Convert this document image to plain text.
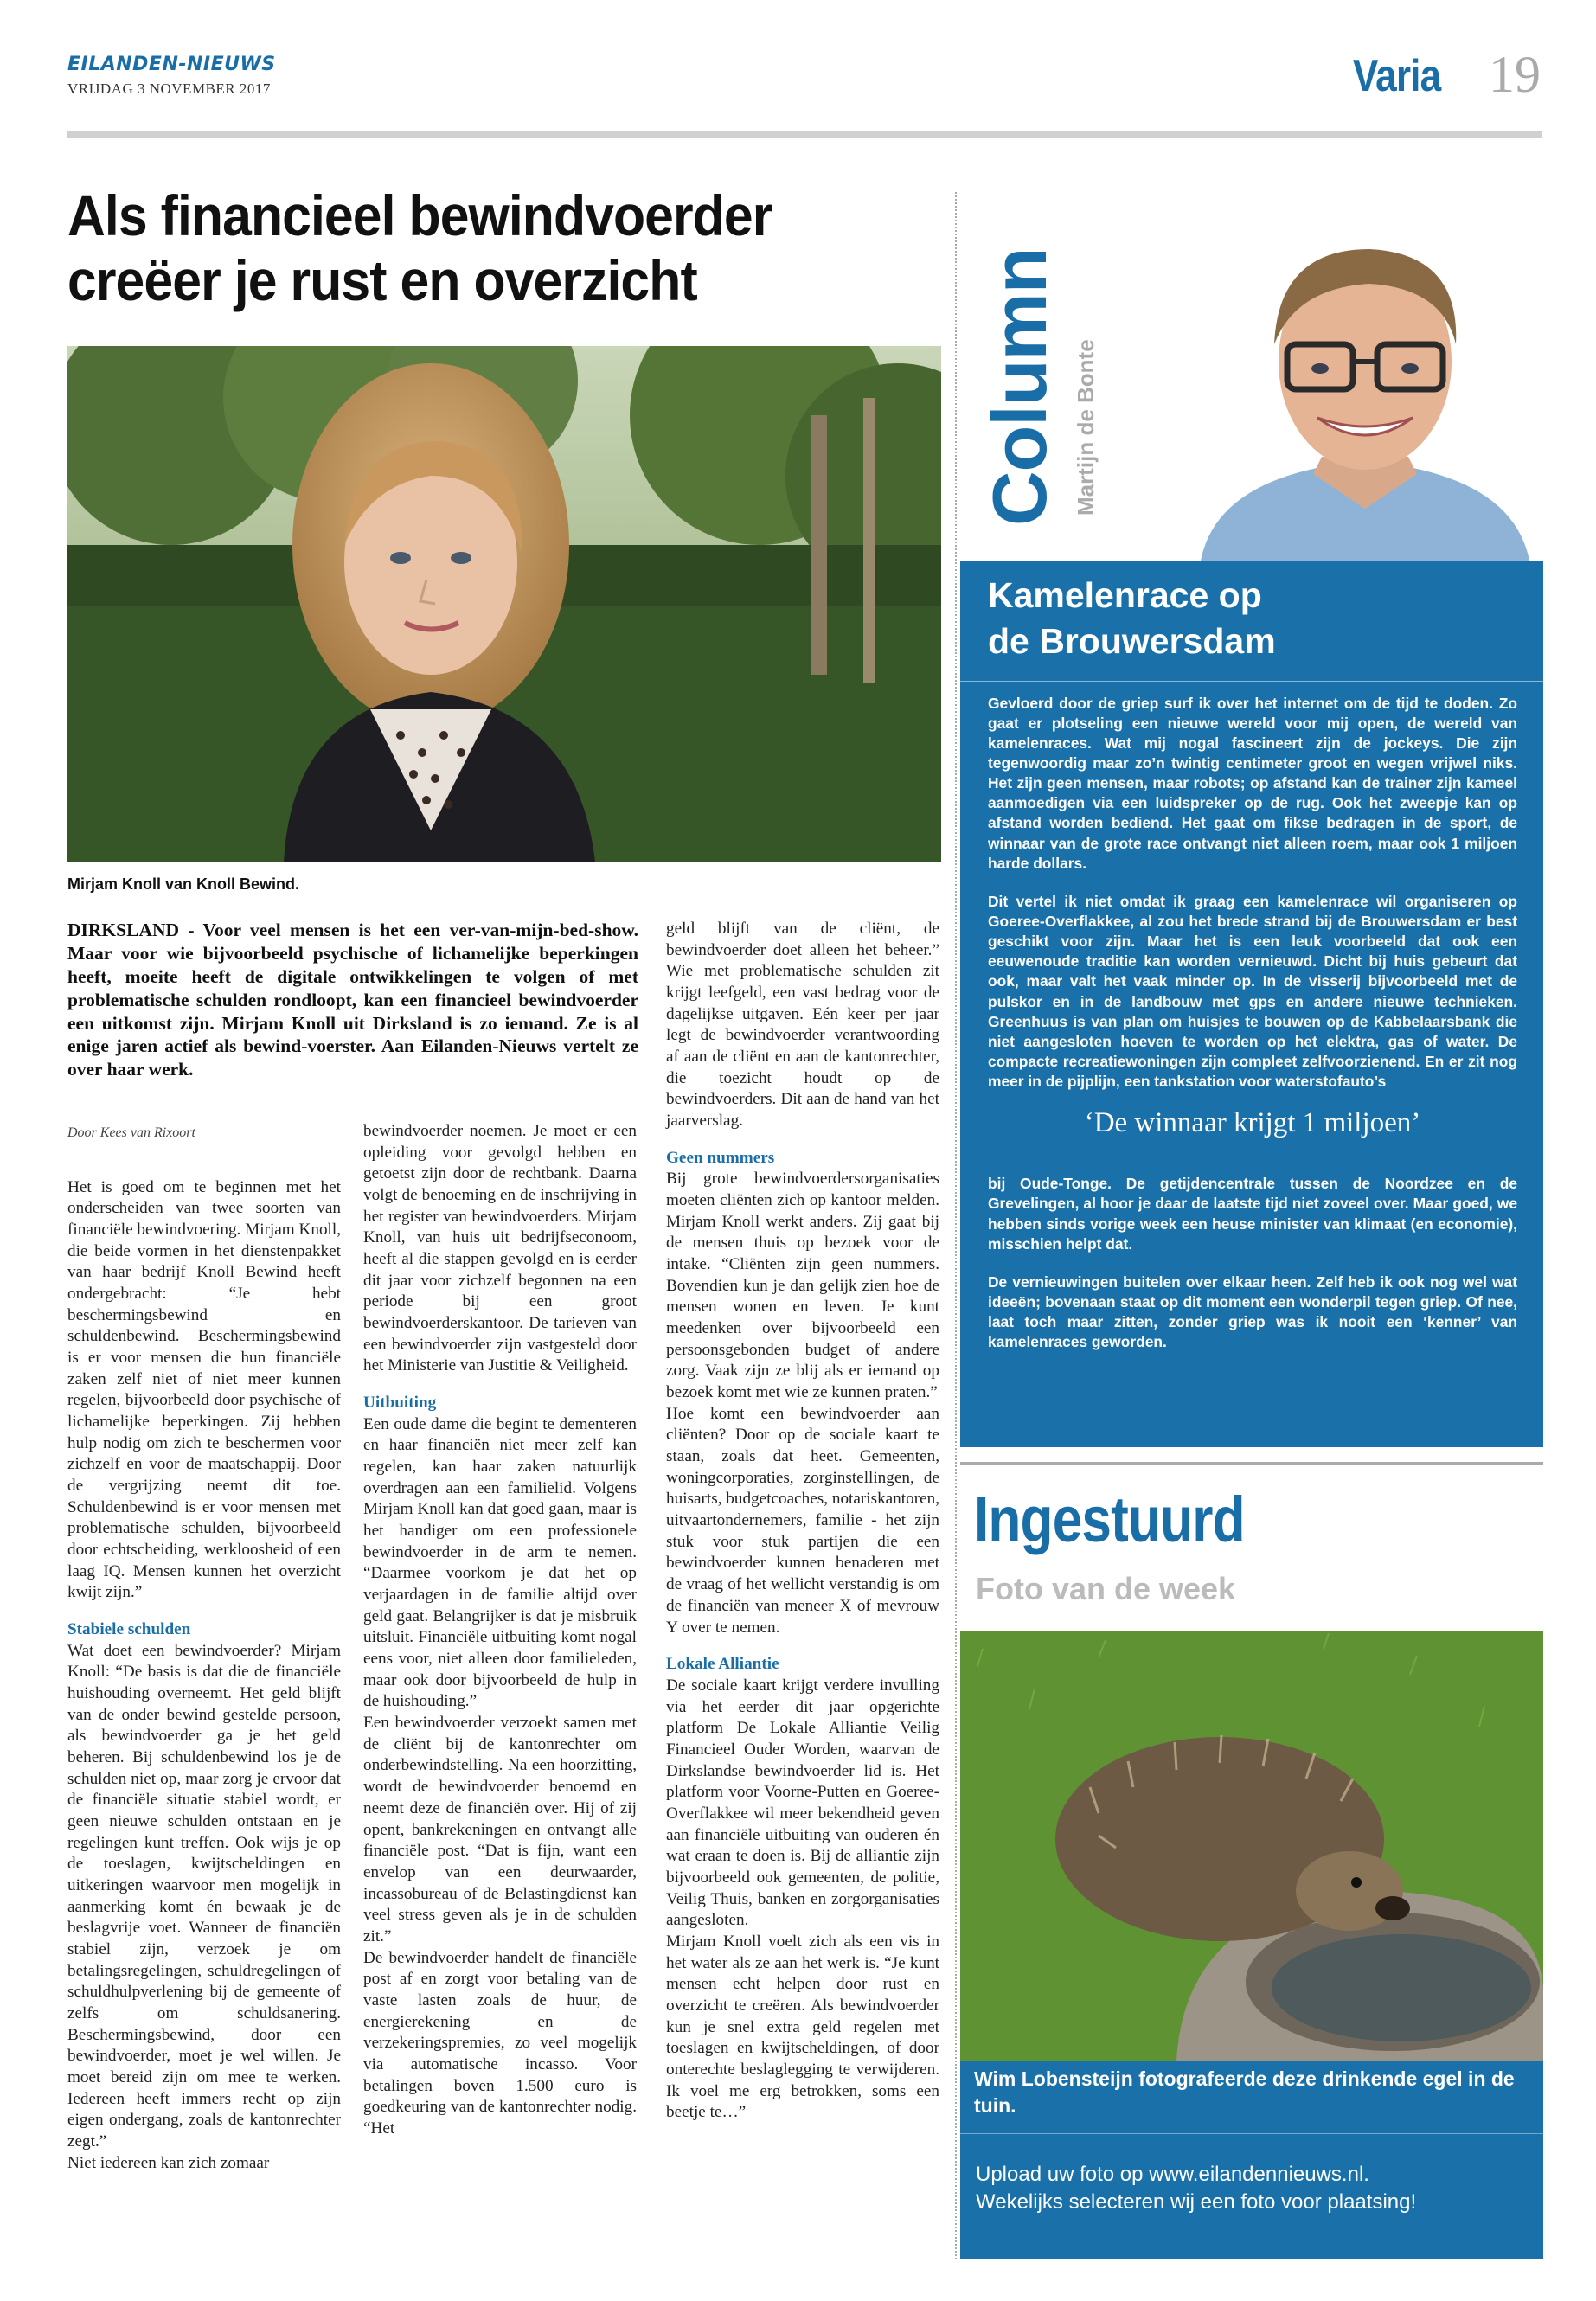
EILANDEN-NIEUWS
VRIJDAG 3 NOVEMBER 2017	Varia 19
Als financieel bewindvoerder
creëer je rust en overzicht
Mirjam Knoll van Knoll Bewind.
DIRKSLAND - Voor veel mensen is het een ver-van-mijn-bed-show. Maar voor wie bijvoorbeeld psychische of lichamelijke beperkingen heeft, moeite heeft de digitale ontwikkelingen te volgen of met problematische schulden rondloopt, kan een financieel bewindvoerder een uitkomst zijn. Mirjam Knoll uit Dirksland is zo iemand. Ze is al enige jaren actief als bewind-voerster. Aan Eilanden-Nieuws vertelt ze over haar werk.

Door Kees van Rixoort

Het is goed om te beginnen met het onderscheiden van twee soorten van financiële bewindvoering. Mirjam Knoll, die beide vormen in het dienstenpakket van haar bedrijf Knoll Bewind heeft ondergebracht: “Je hebt beschermingsbewind en schuldenbewind. Beschermingsbewind is er voor mensen die hun financiële zaken zelf niet of niet meer kunnen regelen, bijvoorbeeld door psychische of lichamelijke beperkingen. Zij hebben hulp nodig om zich te beschermen voor zichzelf en voor de maatschappij. Door de vergrijzing neemt dit toe. Schuldenbewind is er voor mensen met problematische schulden, bijvoorbeeld door echtscheiding, werkloosheid of een laag IQ. Mensen kunnen het overzicht kwijt zijn.”

Stabiele schulden

Wat doet een bewindvoerder? Mirjam Knoll: “De basis is dat die de financiële huishouding overneemt. Het geld blijft van de onder bewind gestelde persoon, als bewindvoerder ga je het geld beheren. Bij schuldenbewind los je de schulden niet op, maar zorg je ervoor dat de financiële situatie stabiel wordt, er geen nieuwe schulden ontstaan en je regelingen kunt treffen. Ook wijs je op de toeslagen, kwijtscheldingen en uitkeringen waarvoor men mogelijk in aanmerking komt én bewaak je de beslagvrije voet. Wanneer de financiën stabiel zijn, verzoek je om betalingsregelingen, schuldregelingen of schuldhulpverlening bij de gemeente of zelfs om schuldsanering. Beschermingsbewind, door een bewindvoerder, moet je wel willen. Je moet bereid zijn om mee te werken. Iedereen heeft immers recht op zijn eigen ondergang, zoals de kantonrechter zegt.”

Niet iedereen kan zich zomaar

bewindvoerder noemen. Je moet er een opleiding voor gevolgd hebben en getoetst zijn door de rechtbank. Daarna volgt de benoeming en de inschrijving in het register van bewindvoerders. Mirjam Knoll, van huis uit bedrijfseconoom, heeft al die stappen gevolgd en is eerder dit jaar voor zichzelf begonnen na een periode bij een groot bewindvoerderskantoor. De tarieven van een bewindvoerder zijn vastgesteld door het Ministerie van Justitie & Veiligheid.

Uitbuiting

Een oude dame die begint te dementeren en haar financiën niet meer zelf kan regelen, kan haar zaken natuurlijk overdragen aan een familielid. Volgens Mirjam Knoll kan dat goed gaan, maar is het handiger om een professionele bewindvoerder in de arm te nemen. “Daarmee voorkom je dat het op verjaardagen in de familie altijd over geld gaat. Belangrijker is dat je misbruik uitsluit. Financiële uitbuiting komt nogal eens voor, niet alleen door familieleden, maar ook door bijvoorbeeld de hulp in de huishouding.”

Een bewindvoerder verzoekt samen met de cliënt bij de kantonrechter om onderbewindstelling. Na een hoorzitting, wordt de bewindvoerder benoemd en neemt deze de financiën over. Hij of zij opent, bankrekeningen en ontvangt alle financiële post. “Dat is fijn, want een envelop van een deurwaarder, incassobureau of de Belastingdienst kan veel stress geven als je in de schulden zit.”

De bewindvoerder handelt de financiële post af en zorgt voor betaling van de vaste lasten zoals de huur, de energierekening en de verzekeringspremies, zo veel mogelijk via automatische incasso. Voor betalingen boven 1.500 euro is goedkeuring van de kantonrechter nodig. “Het

geld blijft van de cliënt, de bewindvoerder doet alleen het beheer.” Wie met problematische schulden zit krijgt leefgeld, een vast bedrag voor de dagelijkse uitgaven. Eén keer per jaar legt de bewindvoerder verantwoording af aan de cliënt en aan de kantonrechter, die toezicht houdt op de bewindvoerders. Dit aan de hand van het jaarverslag.

Geen nummers

Bij grote bewindvoerdersorganisaties moeten cliënten zich op kantoor melden. Mirjam Knoll werkt anders. Zij gaat bij de mensen thuis op bezoek voor de intake. “Cliënten zijn geen nummers. Bovendien kun je dan gelijk zien hoe de mensen wonen en leven. Je kunt meedenken over bijvoorbeeld een persoonsgebonden budget of andere zorg. Vaak zijn ze blij als er iemand op bezoek komt met wie ze kunnen praten.”

Hoe komt een bewindvoerder aan cliënten? Door op de sociale kaart te staan, zoals dat heet. Gemeenten, woningcorporaties, zorginstellingen, de huisarts, budgetcoaches, notariskantoren, uitvaartondernemers, familie - het zijn stuk voor stuk partijen die een bewindvoerder kunnen benaderen met de vraag of het wellicht verstandig is om de financiën van meneer X of mevrouw Y over te nemen.

Lokale Alliantie

De sociale kaart krijgt verdere invulling via het eerder dit jaar opgerichte platform De Lokale Alliantie Veilig Financieel Ouder Worden, waarvan de Dirkslandse bewindvoerder lid is. Het platform voor Voorne-Putten en Goeree-Overflakkee wil meer bekendheid geven aan financiële uitbuiting van ouderen én wat eraan te doen is. Bij de alliantie zijn bijvoorbeeld ook gemeenten, de politie, Veilig Thuis, banken en zorgorganisaties aangesloten.

Mirjam Knoll voelt zich als een vis in het water als ze aan het werk is. “Je kunt mensen echt helpen door rust en overzicht te creëren. Als bewindvoerder kun je snel extra geld regelen met toeslagen en kwijtscheldingen, of door onterechte beslaglegging te verwijderen. Ik voel me erg betrokken, soms een beetje te…”

Column Martijn de Bonte
Kamelenrace op
de Brouwersdam

Gevloerd door de griep surf ik over het internet om de tijd te doden. Zo gaat er plotseling een nieuwe wereld voor mij open, de wereld van kamelenraces. Wat mij nogal fascineert zijn de jockeys. Die zijn tegenwoordig maar zo’n twintig centimeter groot en wegen vrijwel niks. Het zijn geen mensen, maar robots; op afstand kan de trainer zijn kameel aanmoedigen via een luidspreker op de rug. Ook het zweepje kan op afstand worden bediend. Het gaat om fikse bedragen in de sport, de winnaar van de grote race ontvangt niet alleen roem, maar ook 1 miljoen harde dollars.

Dit vertel ik niet omdat ik graag een kamelenrace wil organiseren op Goeree-Overflakkee, al zou het brede strand bij de Brouwersdam er best geschikt voor zijn. Maar het is een leuk voorbeeld dat ook een eeuwenoude traditie kan worden vernieuwd. Dicht bij huis gebeurt dat ook, maar valt het vaak minder op. In de visserij bijvoorbeeld met de pulskor en in de landbouw met gps en andere nieuwe technieken. Greenhuus is van plan om huisjes te bouwen op de Kabbelaarsbank die niet aangesloten hoeven te worden op het elektra, gas of water. De compacte recreatiewoningen zijn compleet zelfvoorzienend. En er zit nog meer in de pijplijn, een tankstation voor waterstofauto’s

‘De winnaar krijgt 1 miljoen’

bij Oude-Tonge. De getijdencentrale tussen de Noordzee en de Grevelingen, al hoor je daar de laatste tijd niet zoveel over. Maar goed, we hebben sinds vorige week een heuse minister van klimaat (en economie), misschien helpt dat.

De vernieuwingen buitelen over elkaar heen. Zelf heb ik ook nog wel wat ideeën; bovenaan staat op dit moment een wonderpil tegen griep. Of nee, laat toch maar zitten, zonder griep was ik nooit een ‘kenner’ van kamelenraces geworden.

Ingestuurd
Foto van de week
Wim Lobensteijn fotografeerde deze drinkende egel in de tuin.
Upload uw foto op www.eilandennieuws.nl.
Wekelijks selecteren wij een foto voor plaatsing!
